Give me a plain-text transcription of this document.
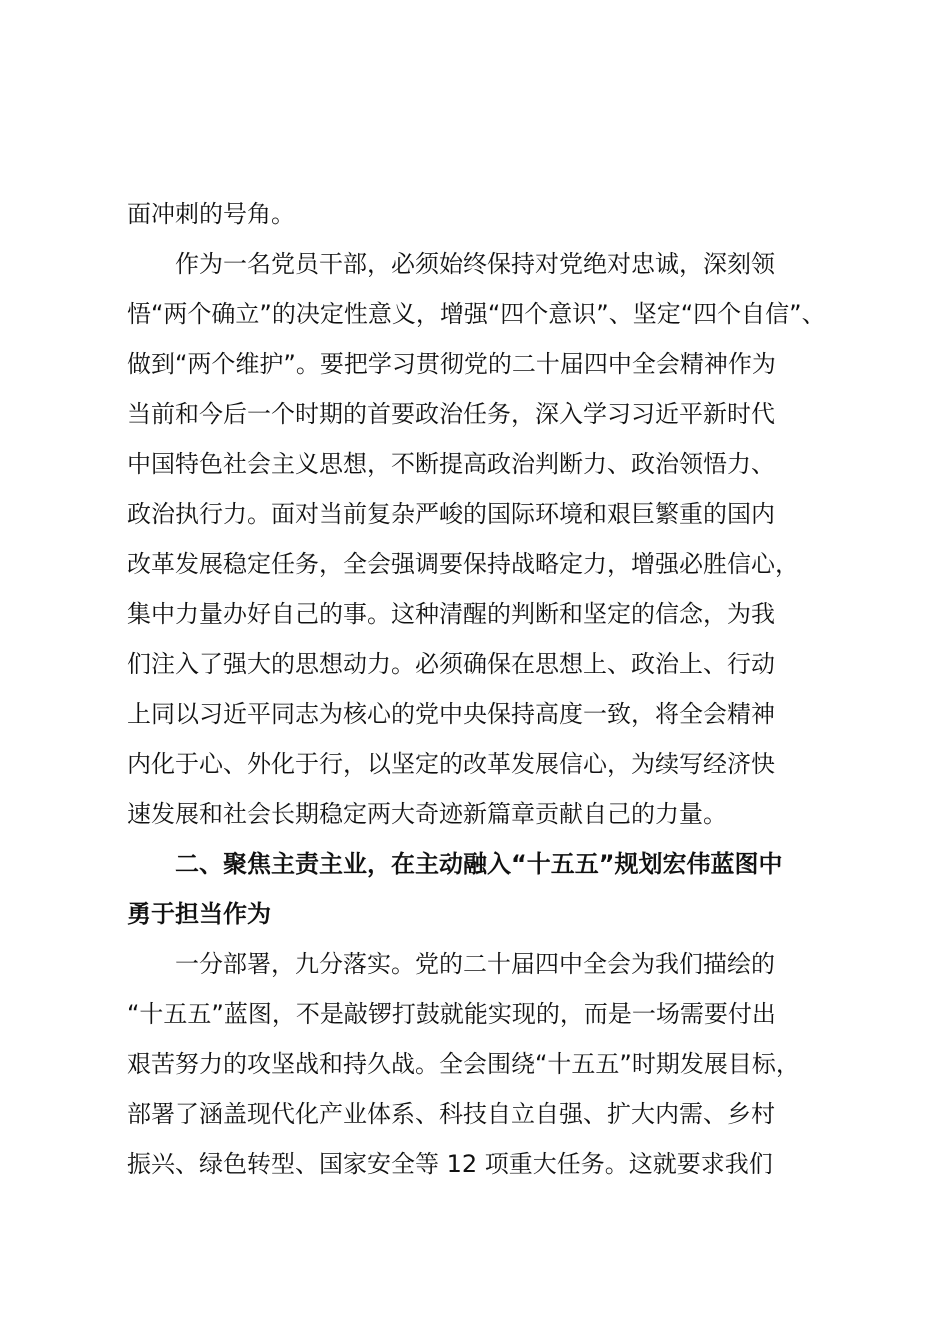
面冲刺的号角。

　　作为一名党员干部，必须始终保持对党绝对忠诚，深刻领

悟“两个确立”的决定性意义，增强“四个意识”、坚定“四个自信”、

做到“两个维护”。要把学习贯彻党的二十届四中全会精神作为

当前和今后一个时期的首要政治任务，深入学习习近平新时代

中国特色社会主义思想，不断提高政治判断力、政治领悟力、

政治执行力。面对当前复杂严峻的国际环境和艰巨繁重的国内

改革发展稳定任务，全会强调要保持战略定力，增强必胜信心，

集中力量办好自己的事。这种清醒的判断和坚定的信念，为我

们注入了强大的思想动力。必须确保在思想上、政治上、行动

上同以习近平同志为核心的党中央保持高度一致，将全会精神

内化于心、外化于行，以坚定的改革发展信心，为续写经济快

速发展和社会长期稳定两大奇迹新篇章贡献自己的力量。

　　二、聚焦主责主业，在主动融入“十五五”规划宏伟蓝图中

勇于担当作为

　　一分部署，九分落实。党的二十届四中全会为我们描绘的

“十五五”蓝图，不是敲锣打鼓就能实现的，而是一场需要付出

艰苦努力的攻坚战和持久战。全会围绕“十五五”时期发展目标，

部署了涵盖现代化产业体系、科技自立自强、扩大内需、乡村

振兴、绿色转型、国家安全等 12 项重大任务。这就要求我们
